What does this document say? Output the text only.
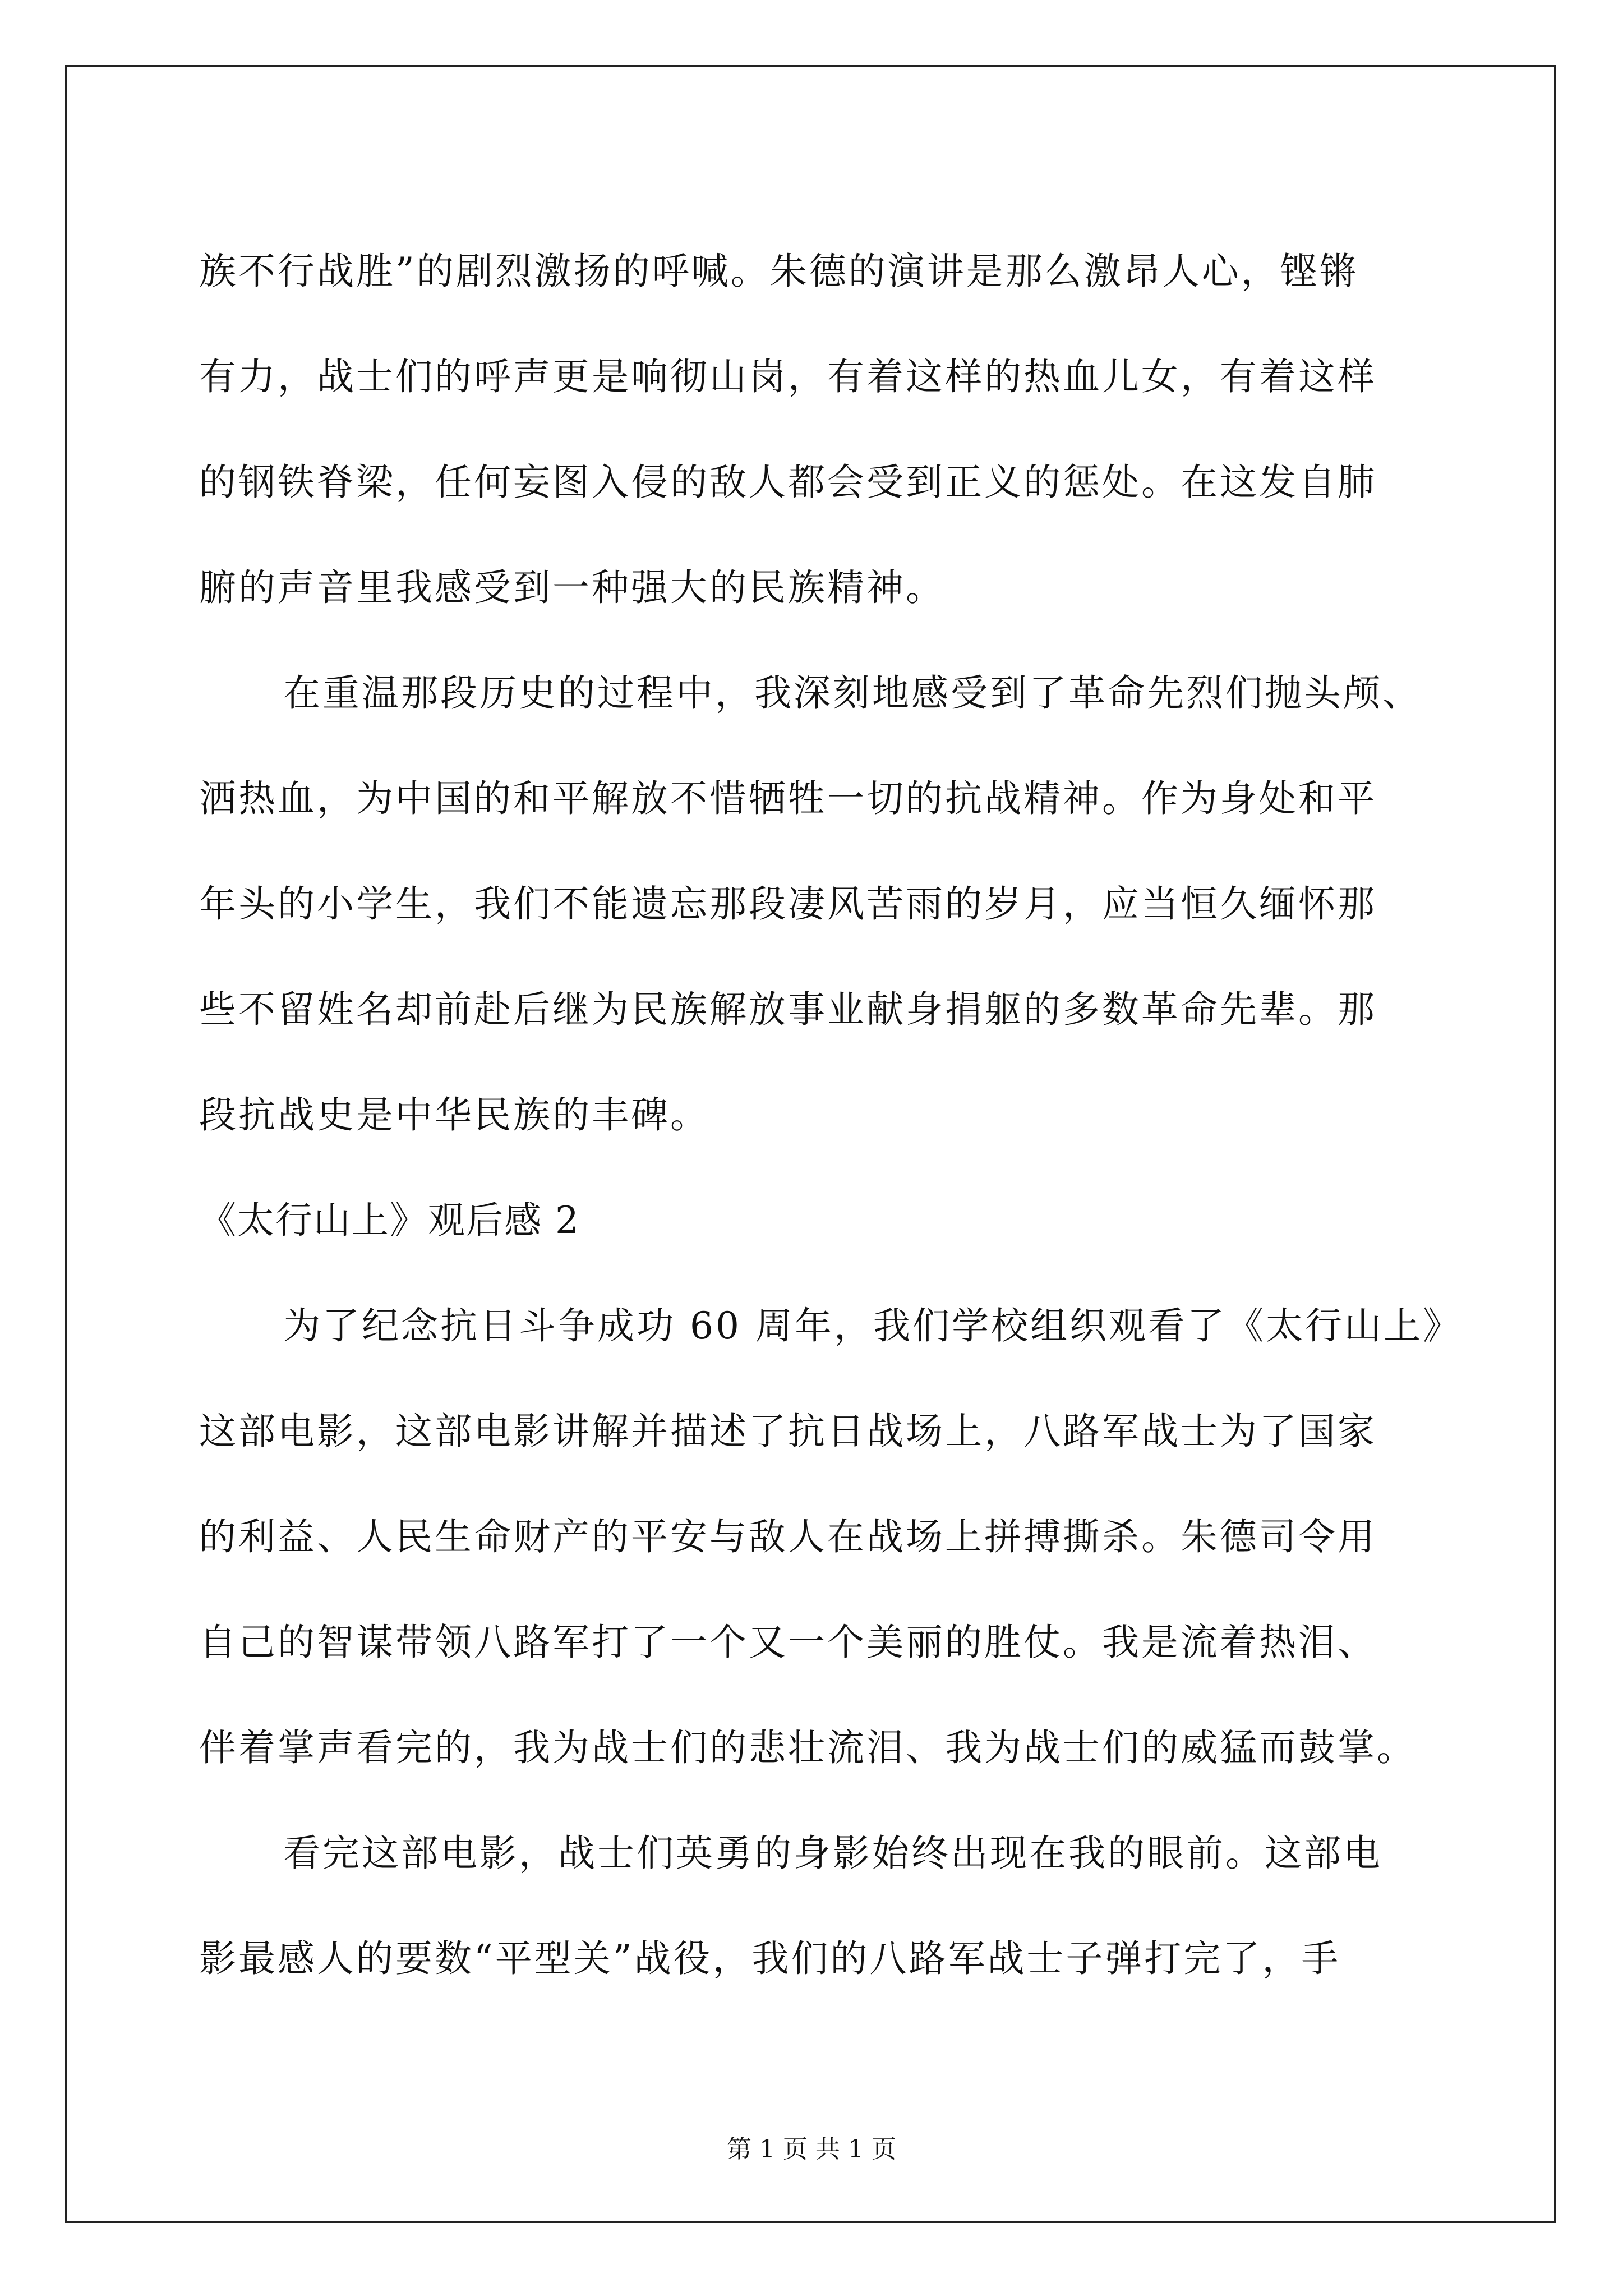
族不行战胜”的剧烈激扬的呼喊。朱德的演讲是那么激昂人心，铿锵
有力，战士们的呼声更是响彻山岗，有着这样的热血儿女，有着这样
的钢铁脊梁，任何妄图入侵的敌人都会受到正义的惩处。在这发自肺
腑的声音里我感受到一种强大的民族精神。
在重温那段历史的过程中，我深刻地感受到了革命先烈们抛头颅、
洒热血，为中国的和平解放不惜牺牲一切的抗战精神。作为身处和平
年头的小学生，我们不能遗忘那段凄风苦雨的岁月，应当恒久缅怀那
些不留姓名却前赴后继为民族解放事业献身捐躯的多数革命先辈。那
段抗战史是中华民族的丰碑。
《太行山上》观后感 2
为了纪念抗日斗争成功 60 周年，我们学校组织观看了《太行山上》
这部电影，这部电影讲解并描述了抗日战场上，八路军战士为了国家
的利益、人民生命财产的平安与敌人在战场上拼搏撕杀。朱德司令用
自己的智谋带领八路军打了一个又一个美丽的胜仗。我是流着热泪、
伴着掌声看完的，我为战士们的悲壮流泪、我为战士们的威猛而鼓掌。
看完这部电影，战士们英勇的身影始终出现在我的眼前。这部电
影最感人的要数“平型关”战役，我们的八路军战士子弹打完了，手
第 1 页 共 1 页
